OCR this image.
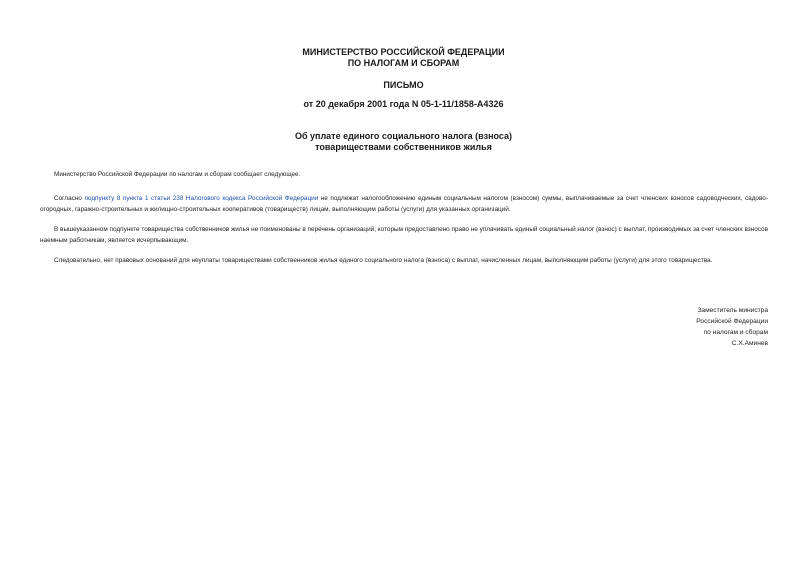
МИНИСТЕРСТВО РОССИЙСКОЙ ФЕДЕРАЦИИ
ПО НАЛОГАМ И СБОРАМ
ПИСЬМО
от 20 декабря 2001 года N 05-1-11/1858-А4326
Об уплате единого социального налога (взноса)
товариществами собственников жилья
Министерство Российской Федерации по налогам и сборам сообщает следующее.
Согласно подпункту 8 пункта 1 статьи 238 Налогового кодекса Российской Федерации не подлежат налогообложению единым социальным налогом (взносом) суммы, выплачиваемые за счет членских взносов садоводческих, садово-огородных, гаражно-строительных и жилищно-строительных кооперативов (товариществ) лицам, выполняющим работы (услуги) для указанных организаций.
В вышеуказанном подпункте товарищества собственников жилья не поименованы в перечень организаций, которым предоставлено право не уплачивать единый социальный налог (взнос) с выплат, производимых за счет членских взносов наемным работникам, является исчерпывающим.
Следовательно, нет правовых оснований для неуплаты товариществами собственников жилья единого социального налога (взноса) с выплат, начисленных лицам, выполняющим работы (услуги) для этого товарищества.
Заместитель министра
Российской Федерации
по налогам и сборам
С.Х.Аминев
